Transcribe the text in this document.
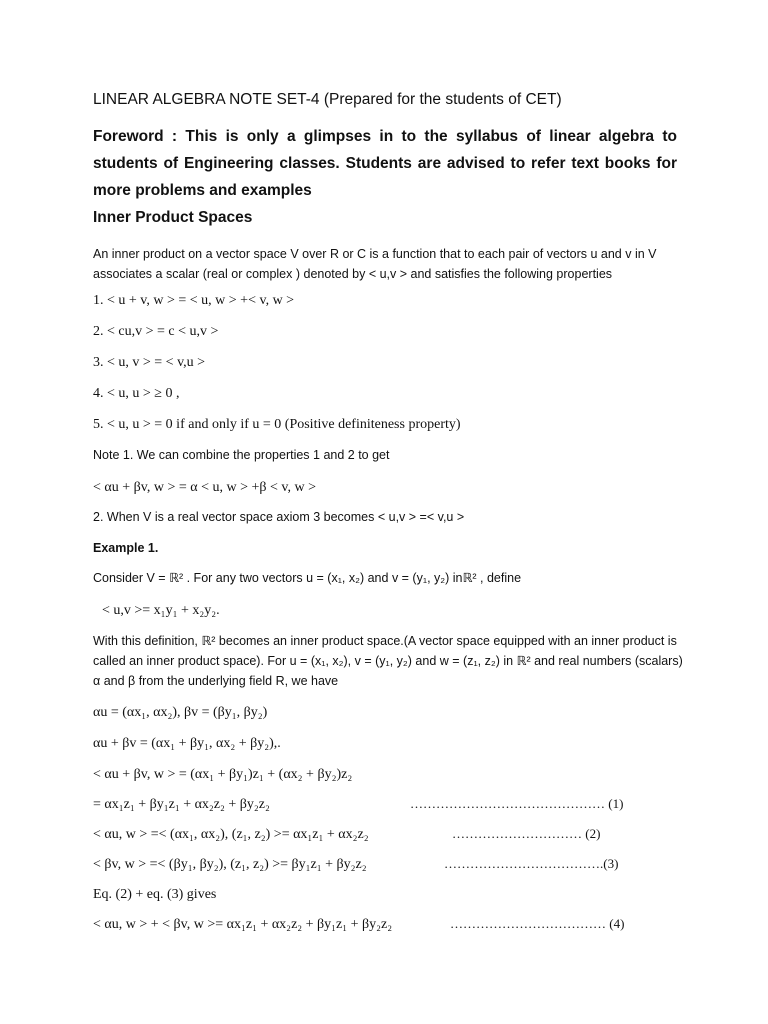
LINEAR ALGEBRA NOTE SET-4 (Prepared for the students of CET)
Foreword : This is only a glimpses in to the syllabus of linear algebra to students of Engineering classes. Students are advised to refer text books for more problems and examples
Inner Product Spaces
An inner product on a vector space V over R or C is a function that to each pair of vectors u and v in V associates a scalar (real or complex ) denoted by < u,v > and satisfies the following properties
1. < u + v, w > = < u, w > +< v, w >
2. < cu,v > = c < u,v >
3. < u, v > = < v,u >
4. < u, u > ≥ 0 ,
5. < u, u > = 0 if and only if u = 0 (Positive definiteness property)
Note 1. We can combine the properties 1 and 2 to get
< αu + βv, w > = α < u, w > +β < v, w >
2. When V is a real vector space axiom 3 becomes < u,v > =< v,u >
Example 1.
Consider V = ℝ² . For any two vectors u = (x₁, x₂) and v = (y₁, y₂) inℝ² , define
< u,v >= x₁y₁ + x₂y₂.
With this definition, ℝ² becomes an inner product space.(A vector space equipped with an inner product is called an inner product space). For u = (x₁, x₂), v = (y₁, y₂) and w = (z₁, z₂) in ℝ² and real numbers (scalars) α and β from the underlying field R, we have
αu = (αx₁, αx₂), βv = (βy₁, βy₂)
αu + βv = (αx₁ + βy₁, αx₂ + βy₂),.
< αu + βv, w > = (αx₁ + βy₁)z₁ + (αx₂ + βy₂)z₂
= αx₁z₁ + βy₁z₁ + αx₂z₂ + βy₂z₂	……………………………………… (1)
< αu, w > =< (αx₁, αx₂), (z₁, z₂) >= αx₁z₁ + αx₂z₂	………………………… (2)
< βv, w > =< (βy₁, βy₂), (z₁, z₂) >= βy₁z₁ + βy₂z₂	……………………………….(3)
Eq. (2) + eq. (3) gives
< αu, w > + < βv, w >= αx₁z₁ + αx₂z₂ + βy₁z₁ + βy₂z₂	……………………………… (4)
